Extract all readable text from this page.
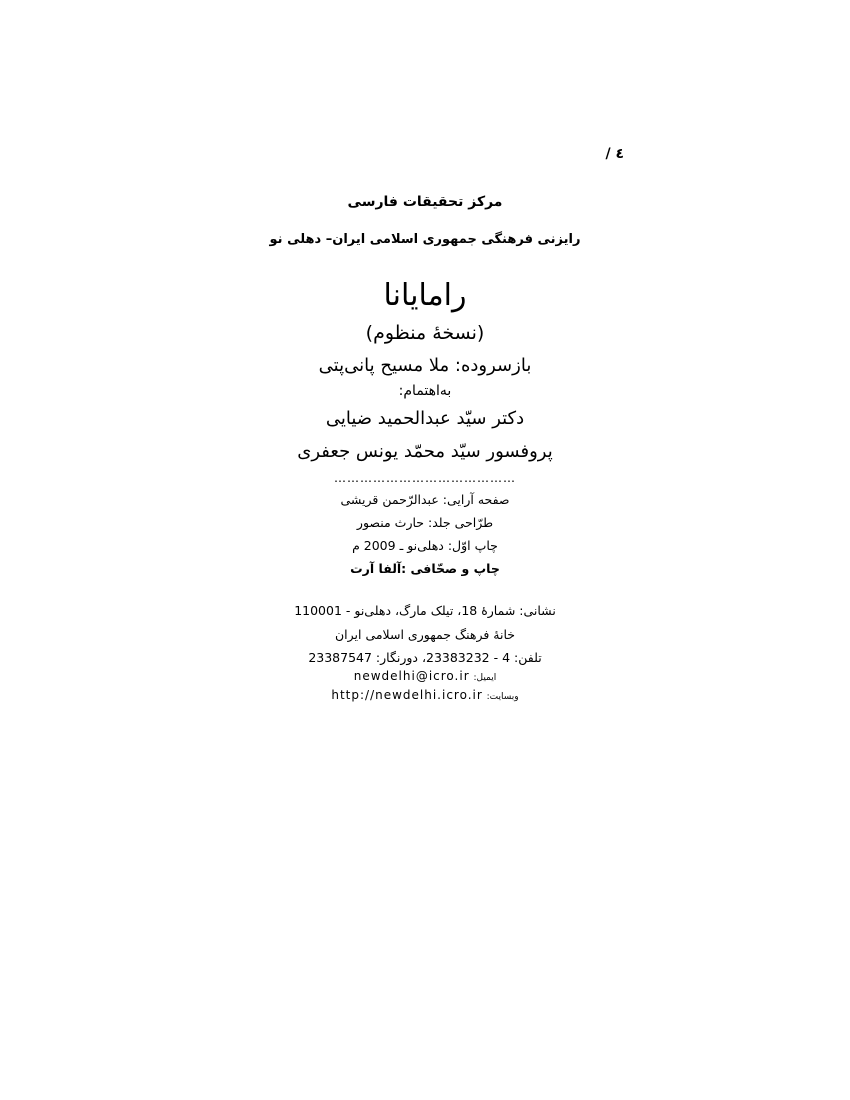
٤ /
مرکز تحقیقات فارسی
رایزنی فرهنگی جمهوری اسلامی ایران– دهلی نو
رامایانا
(نسخهٔ منظوم)
بازسروده: ملا مسیح پانی‌پتی
به‌اهتمام:
دکتر سیّد عبدالحمید ضیایی
پروفسور سیّد محمّد یونس جعفری
……………………………………
صفحه آرایی: عبدالرّحمن قریشی
طرّاحی جلد: حارث منصور
چاپ اوّل: دهلی‌نو ـ 2009 م
چاپ و صحّافی :آلفا آرت
نشانی: شمارهٔ 18، تیلک مارگ، دهلی‌نو - 110001
خانهٔ فرهنگ جمهوری اسلامی ایران
تلفن: 4 - 23383232، دورنگار: 23387547
ایمیل: newdelhi@icro.ir
وبسایت: http://newdelhi.icro.ir
